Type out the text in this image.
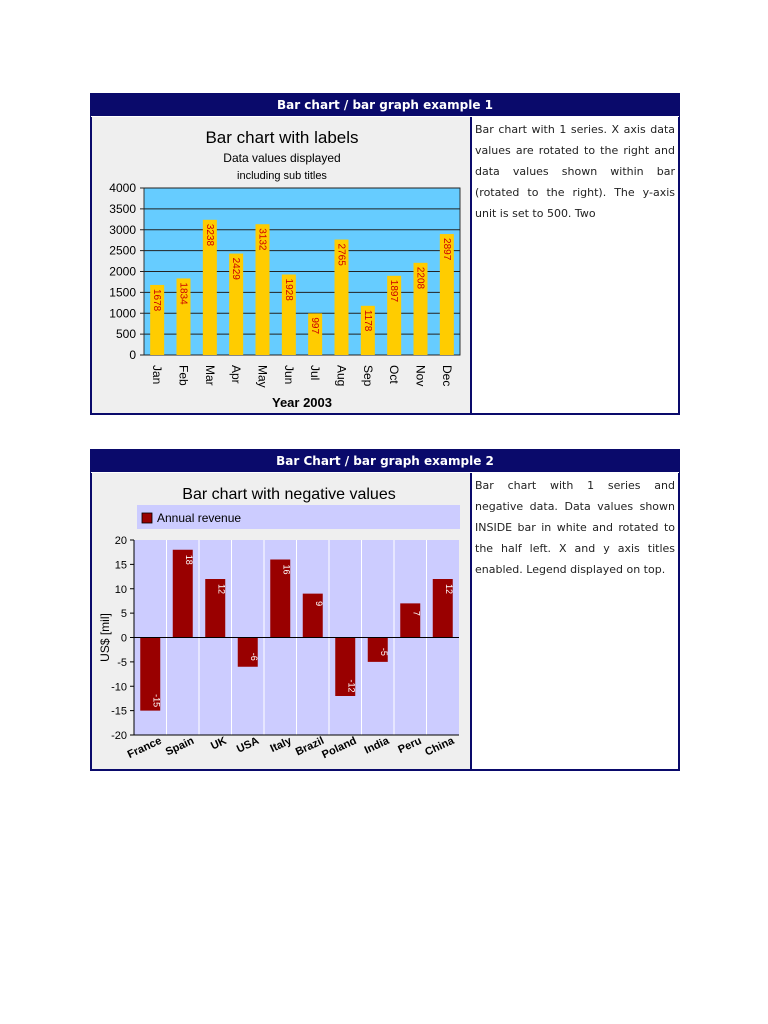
Bar chart / bar graph example 1
Bar chart with labels
Data values displayed
including sub titles
0
500
1000
1500
2000
2500
3000
3500
4000
1678
Jan
1834
Feb
3238
Mar
2429
Apr
3132
May
1928
Jun
997
Jul
2765
Aug
1178
Sep
1897
Oct
2208
Nov
2897
Dec
Year 2003
Bar chart with 1 series. X axis data values are rotated to the right and data values shown within bar (rotated to the right). The y-axis unit is set to 500. Two
Bar Chart / bar graph example 2
Bar chart with negative values
Annual revenue
-20
-15
-10
-5
0
5
10
15
20
-15
France
18
Spain
12
UK
-6
USA
16
Italy
9
Brazil
-12
Poland
-5
India
7
Peru
12
China
US$ [mil]
Bar chart with 1 series and negative data. Data values shown INSIDE bar in white and rotated to the half left. X and y axis titles enabled. Legend displayed on top.
